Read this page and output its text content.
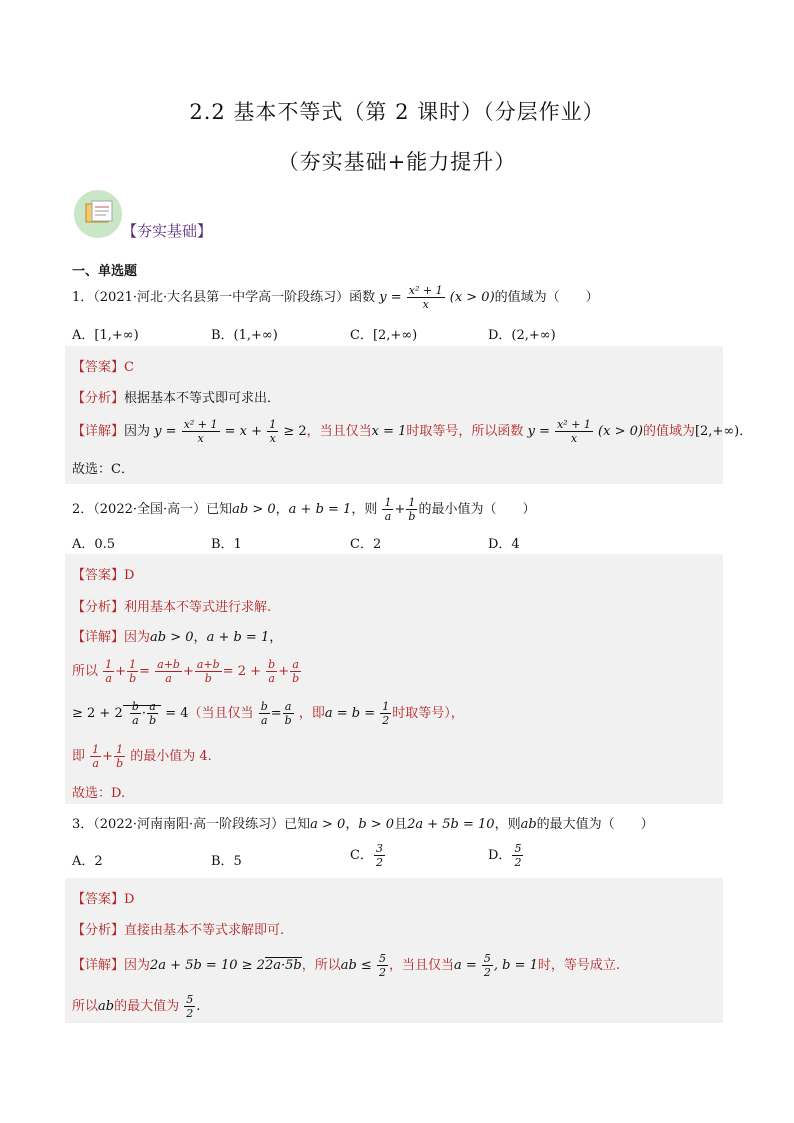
2.2 基本不等式（第 2 课时）（分层作业）
（夯实基础+能力提升）
【夯实基础】
一、单选题
1．（2021·河北·大名县第一中学高一阶段练习）函数 $y = \frac{\text{x² + 1}}{x} (x > 0)$的值域为（　　）
A．[1,+∞)	B．(1,+∞)	C．[2,+∞)	D．(2,+∞)
【答案】C
【分析】根据基本不等式即可求出．
【详解】因为 $y = \frac{\text{x² + 1}}{x} = x + \frac{1}{x} \ge 2$，当且仅当x = 1时取等号，所以函数 $y = \frac{\text{x² + 1}}{x} (x > 0)$的值域为[2,+∞)．
故选：C．
2．（2022·全国·高一）已知ab > 0，a + b = 1，则 $\frac{1}{a} + \frac{1}{b}$ 的最小值为（　　）
A．0.5	B．1	C．2	D．4
【答案】D
【分析】利用基本不等式进行求解.
【详解】因为ab > 0，a + b = 1，
所以 $\frac{1}{a} + \frac{1}{b} = \frac{a+b}{a} + \frac{a+b}{b} = 2 + \frac{b}{a} + \frac{a}{b}$
≥ $2 + 2 \frac{b}{a} \cdot \frac{a}{b} = 4$（当且仅当 $\frac{b}{a} = \frac{a}{b}$ ，即$a = b = \frac{1}{2}$ 时取等号），
即 $\frac{1}{a} + \frac{1}{b}$ 的最小值为 4.
故选：D.
3．（2022·河南南阳·高一阶段练习）已知a > 0，b > 0且2a + 5b = 10，则ab的最大值为（　　）
A．2	B．5	C． $\frac{3}{2}$	D． $\frac{5}{2}$
【答案】D
【分析】直接由基本不等式求解即可.
【详解】因为2a + 5b = 10 ≥ 22a·5b，所以ab ≤ $\frac{5}{2}$ ，当且仅当$a = \frac{5}{2}$ , b = 1时，等号成立.
所以ab的最大值为 $\frac{5}{2}$ .
